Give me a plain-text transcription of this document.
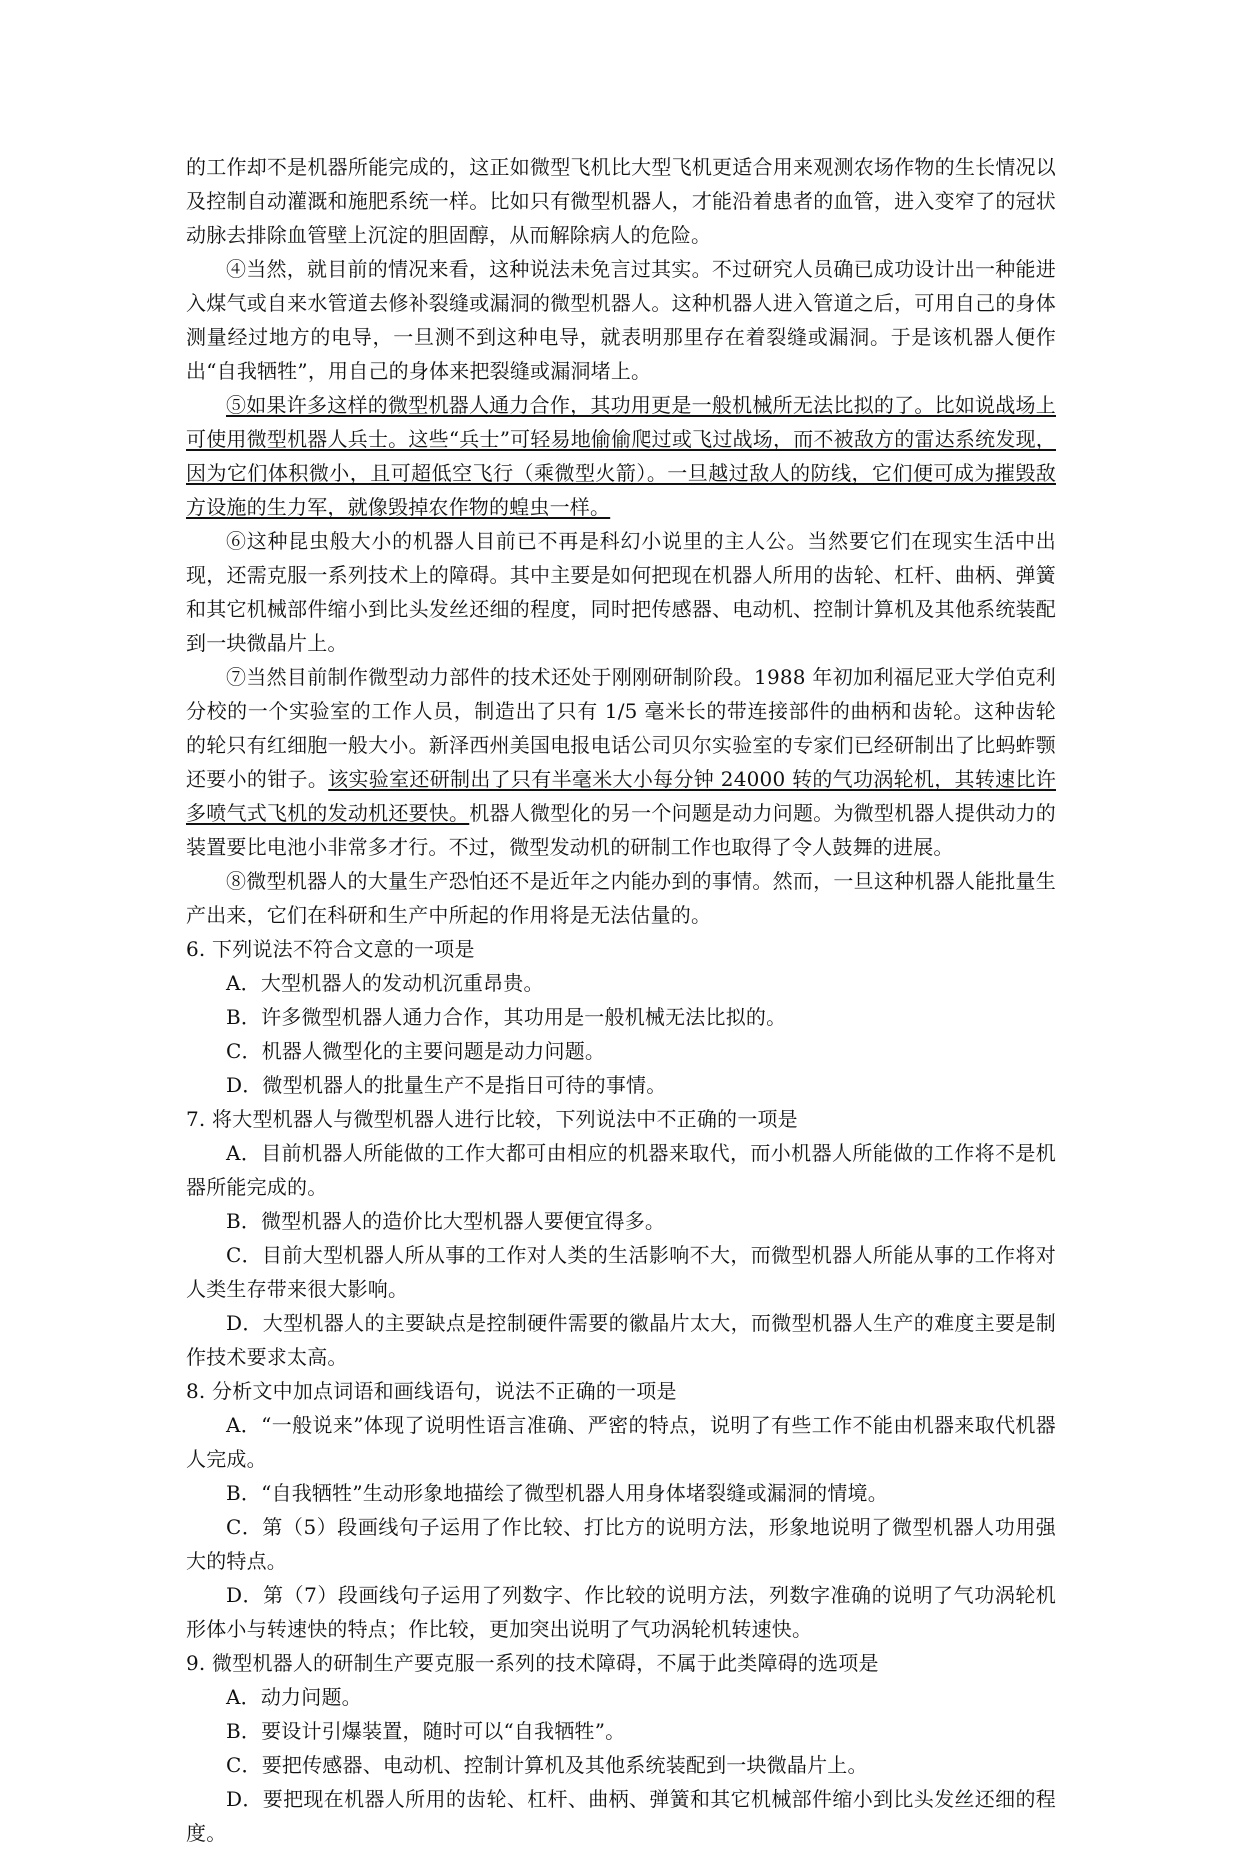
的工作却不是机器所能完成的，这正如微型飞机比大型飞机更适合用来观测农场作物的生长情况以及控制自动灌溉和施肥系统一样。比如只有微型机器人，才能沿着患者的血管，进入变窄了的冠状动脉去排除血管壁上沉淀的胆固醇，从而解除病人的危险。

④当然，就目前的情况来看，这种说法未免言过其实。不过研究人员确已成功设计出一种能进入煤气或自来水管道去修补裂缝或漏洞的微型机器人。这种机器人进入管道之后，可用自己的身体测量经过地方的电导，一旦测不到这种电导，就表明那里存在着裂缝或漏洞。于是该机器人便作出“自我牺牲”，用自己的身体来把裂缝或漏洞堵上。

⑤如果许多这样的微型机器人通力合作，其功用更是一般机械所无法比拟的了。比如说战场上可使用微型机器人兵士。这些“兵士”可轻易地偷偷爬过或飞过战场，而不被敌方的雷达系统发现，因为它们体积微小，且可超低空飞行（乘微型火箭）。一旦越过敌人的防线，它们便可成为摧毁敌方设施的生力军，就像毁掉农作物的蝗虫一样。

⑥这种昆虫般大小的机器人目前已不再是科幻小说里的主人公。当然要它们在现实生活中出现，还需克服一系列技术上的障碍。其中主要是如何把现在机器人所用的齿轮、杠杆、曲柄、弹簧和其它机械部件缩小到比头发丝还细的程度，同时把传感器、电动机、控制计算机及其他系统装配到一块微晶片上。

⑦当然目前制作微型动力部件的技术还处于刚刚研制阶段。1988 年初加利福尼亚大学伯克利分校的一个实验室的工作人员，制造出了只有 1/5 毫米长的带连接部件的曲柄和齿轮。这种齿轮的轮只有红细胞一般大小。新泽西州美国电报电话公司贝尔实验室的专家们已经研制出了比蚂蚱颚还要小的钳子。该实验室还研制出了只有半毫米大小每分钟 24000 转的气功涡轮机，其转速比许多喷气式飞机的发动机还要快。机器人微型化的另一个问题是动力问题。为微型机器人提供动力的装置要比电池小非常多才行。不过，微型发动机的研制工作也取得了令人鼓舞的进展。

⑧微型机器人的大量生产恐怕还不是近年之内能办到的事情。然而，一旦这种机器人能批量生产出来，它们在科研和生产中所起的作用将是无法估量的。

6. 下列说法不符合文意的一项是

A．大型机器人的发动机沉重昂贵。

B．许多微型机器人通力合作，其功用是一般机械无法比拟的。

C．机器人微型化的主要问题是动力问题。

D．微型机器人的批量生产不是指日可待的事情。

7. 将大型机器人与微型机器人进行比较，下列说法中不正确的一项是

A．目前机器人所能做的工作大都可由相应的机器来取代，而小机器人所能做的工作将不是机器所能完成的。

B．微型机器人的造价比大型机器人要便宜得多。

C．目前大型机器人所从事的工作对人类的生活影响不大，而微型机器人所能从事的工作将对人类生存带来很大影响。

D．大型机器人的主要缺点是控制硬件需要的徽晶片太大，而微型机器人生产的难度主要是制作技术要求太高。

8. 分析文中加点词语和画线语句，说法不正确的一项是

A．“一般说来”体现了说明性语言准确、严密的特点，说明了有些工作不能由机器来取代机器人完成。

B．“自我牺牲”生动形象地描绘了微型机器人用身体堵裂缝或漏洞的情境。

C．第（5）段画线句子运用了作比较、打比方的说明方法，形象地说明了微型机器人功用强大的特点。

D．第（7）段画线句子运用了列数字、作比较的说明方法，列数字准确的说明了气功涡轮机形体小与转速快的特点；作比较，更加突出说明了气功涡轮机转速快。

9. 微型机器人的研制生产要克服一系列的技术障碍，不属于此类障碍的选项是

A．动力问题。

B．要设计引爆装置，随时可以“自我牺牲”。

C．要把传感器、电动机、控制计算机及其他系统装配到一块微晶片上。

D．要把现在机器人所用的齿轮、杠杆、曲柄、弹簧和其它机械部件缩小到比头发丝还细的程度。
